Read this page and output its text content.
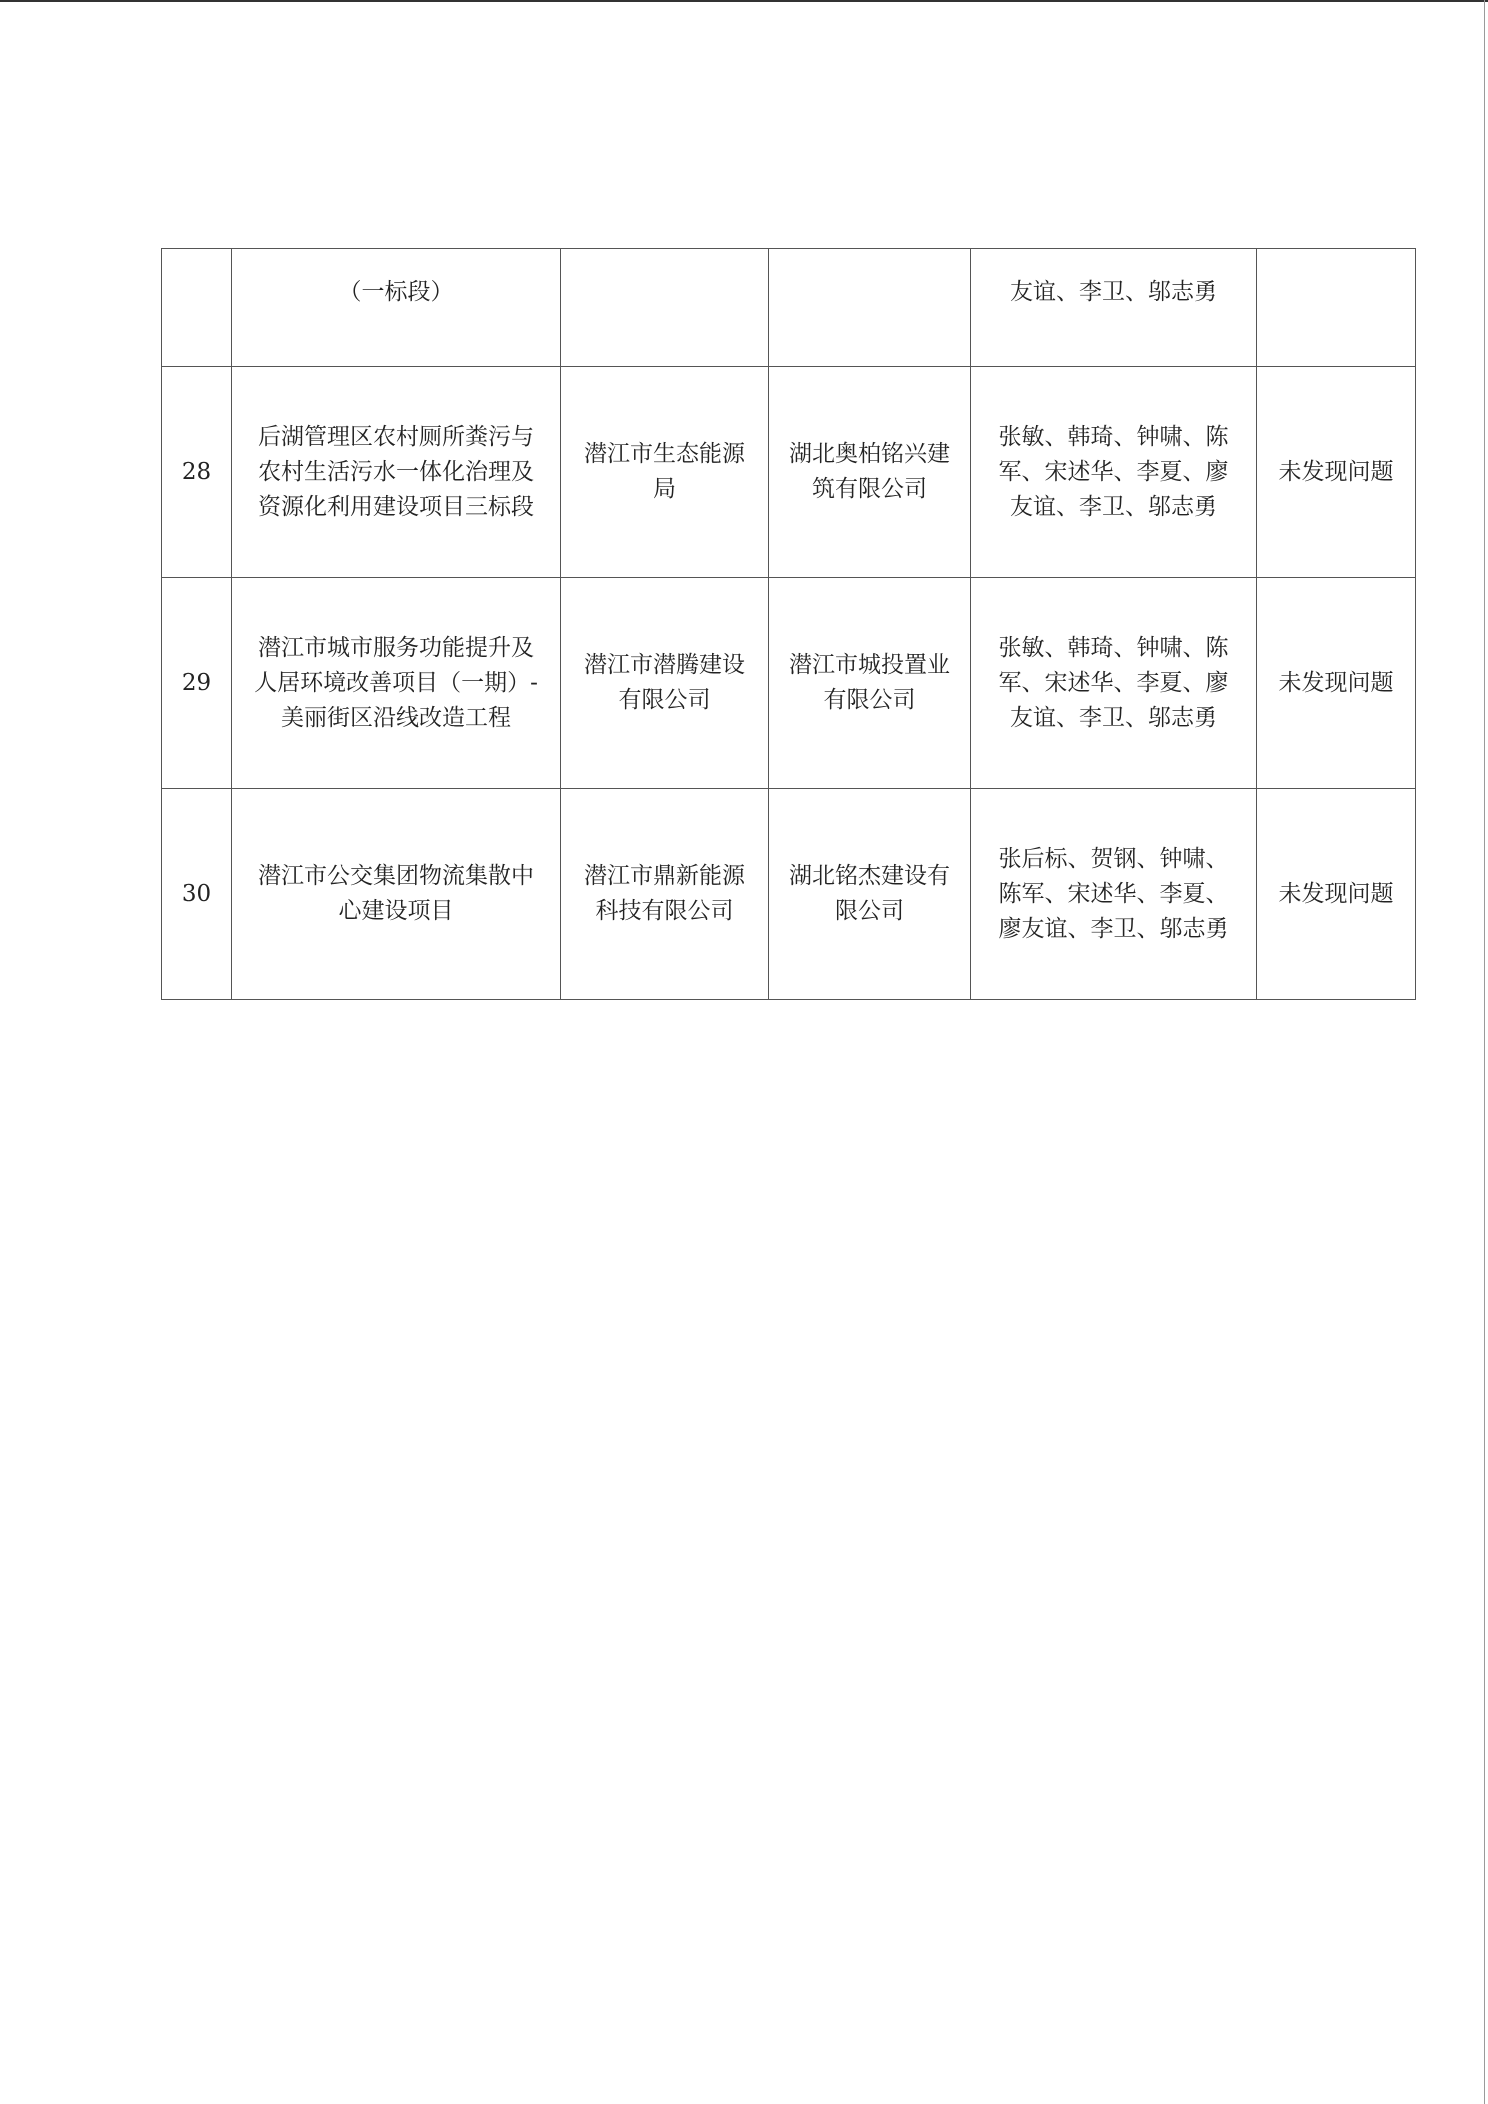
	（一标段）			友谊、李卫、邬志勇	

28	后湖管理区农村厕所粪污与
农村生活污水一体化治理及
资源化利用建设项目三标段	潜江市生态能源
局	湖北奥柏铭兴建
筑有限公司	张敏、韩琦、钟啸、陈
军、宋述华、李夏、廖
友谊、李卫、邬志勇	未发现问题

29	潜江市城市服务功能提升及
人居环境改善项目（一期）-
美丽街区沿线改造工程	潜江市潜腾建设
有限公司	潜江市城投置业
有限公司	张敏、韩琦、钟啸、陈
军、宋述华、李夏、廖
友谊、李卫、邬志勇	未发现问题

30	潜江市公交集团物流集散中
心建设项目	潜江市鼎新能源
科技有限公司	湖北铭杰建设有
限公司	张后标、贺钢、钟啸、
陈军、宋述华、李夏、
廖友谊、李卫、邬志勇	未发现问题
